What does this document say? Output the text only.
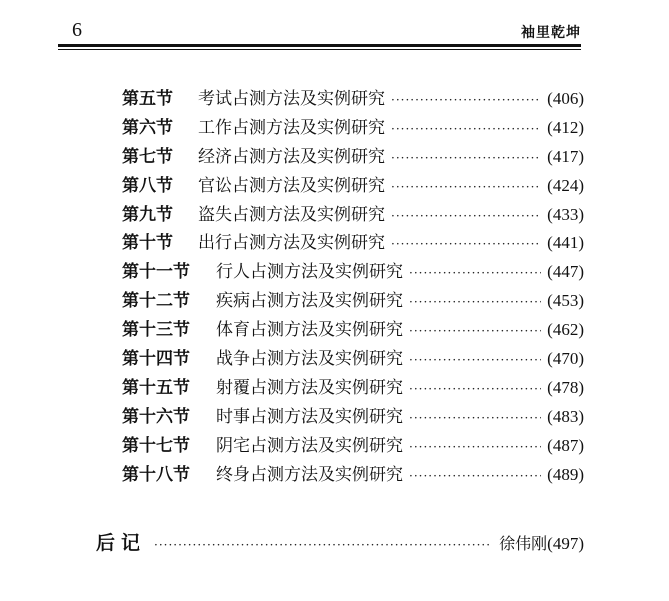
6	袖里乾坤
第五节	考试占测方法及实例研究 ·····	(406)
第六节	工作占测方法及实例研究 ·····	(412)
第七节	经济占测方法及实例研究 ·····	(417)
第八节	官讼占测方法及实例研究 ·····	(424)
第九节	盗失占测方法及实例研究 ·····	(433)
第十节	出行占测方法及实例研究 ·····	(441)
第十一节	行人占测方法及实例研究 ·····	(447)
第十二节	疾病占测方法及实例研究 ·····	(453)
第十三节	体育占测方法及实例研究 ·····	(462)
第十四节	战争占测方法及实例研究 ·····	(470)
第十五节	射覆占测方法及实例研究 ·····	(478)
第十六节	时事占测方法及实例研究 ·····	(483)
第十七节	阴宅占测方法及实例研究 ·····	(487)
第十八节	终身占测方法及实例研究 ·····	(489)
后记 ·····	徐伟刚 (497)
